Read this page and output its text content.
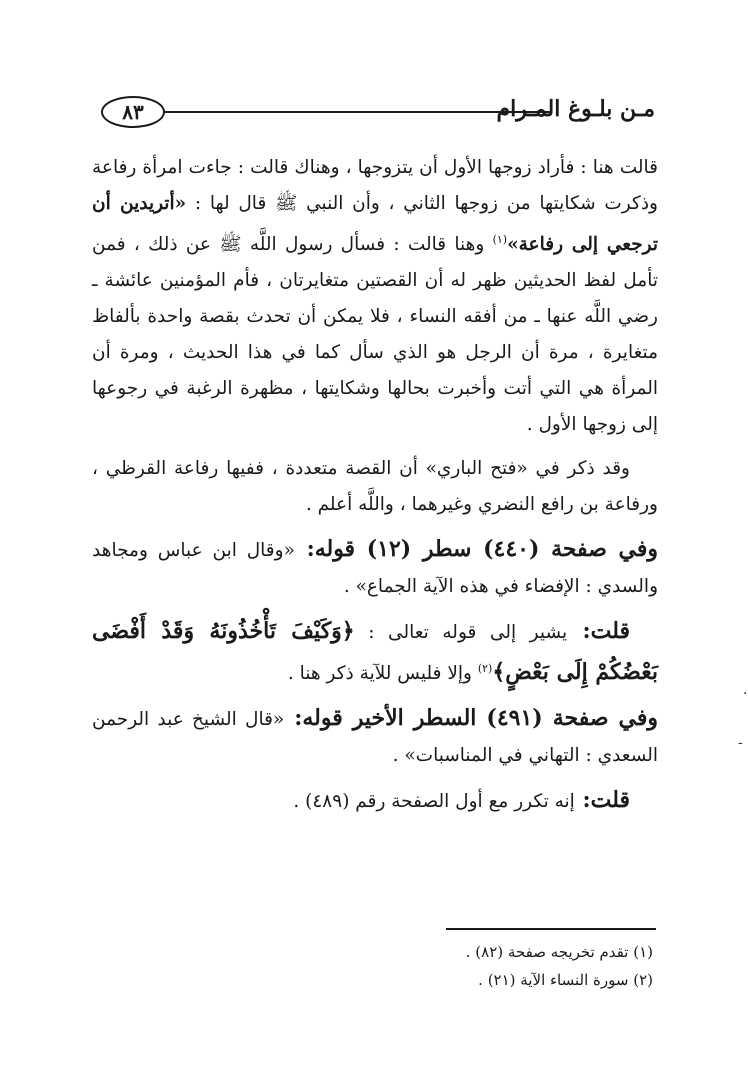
٨٣	مـن بلـوغ المـرام

قالت هنا : فأراد زوجها الأول أن يتزوجها ، وهناك قالت : جاءت امرأة رفاعة وذكرت شكايتها من زوجها الثاني ، وأن النبي ﷺ قال لها : «أتريدين أن ترجعي إلى رفاعة»$^{(١)}$ وهنا قالت : فسأل رسول اللَّه ﷺ عن ذلك ، فمن تأمل لفظ الحديثين ظهر له أن القصتين متغايرتان ، فأم المؤمنين عائشة ـ رضي اللَّه عنها ـ من أفقه النساء ، فلا يمكن أن تحدث بقصة واحدة بألفاظ متغايرة ، مرة أن الرجل هو الذي سأل كما في هذا الحديث ، ومرة أن المرأة هي التي أتت وأخبرت بحالها وشكايتها ، مظهرة الرغبة في رجوعها إلى زوجها الأول .

وقد ذكر في «فتح الباري» أن القصة متعددة ، ففيها رفاعة القرظي ، ورفاعة بن رافع النضري وغيرهما ، واللَّه أعلم .

وفي صفحة (٤٤٠) سطر (١٢) قوله: «وقال ابن عباس ومجاهد والسدي : الإفضاء في هذه الآية الجماع» .

قلت: يشير إلى قوله تعالى : ﴿وَكَيْفَ تَأْخُذُونَهُ وَقَدْ أَفْضَى بَعْضُكُمْ إِلَى بَعْضٍ﴾$^{(٢)}$ وإلا فليس للآية ذكر هنا .

وفي صفحة (٤٩١) السطر الأخير قوله: «قال الشيخ عبد الرحمن السعدي : التهاني في المناسبات» .

قلت: إنه تكرر مع أول الصفحة رقم (٤٨٩) .

(١) تقدم تخريجه صفحة (٨٢) .

(٢) سورة النساء الآية (٢١) .

·
-
